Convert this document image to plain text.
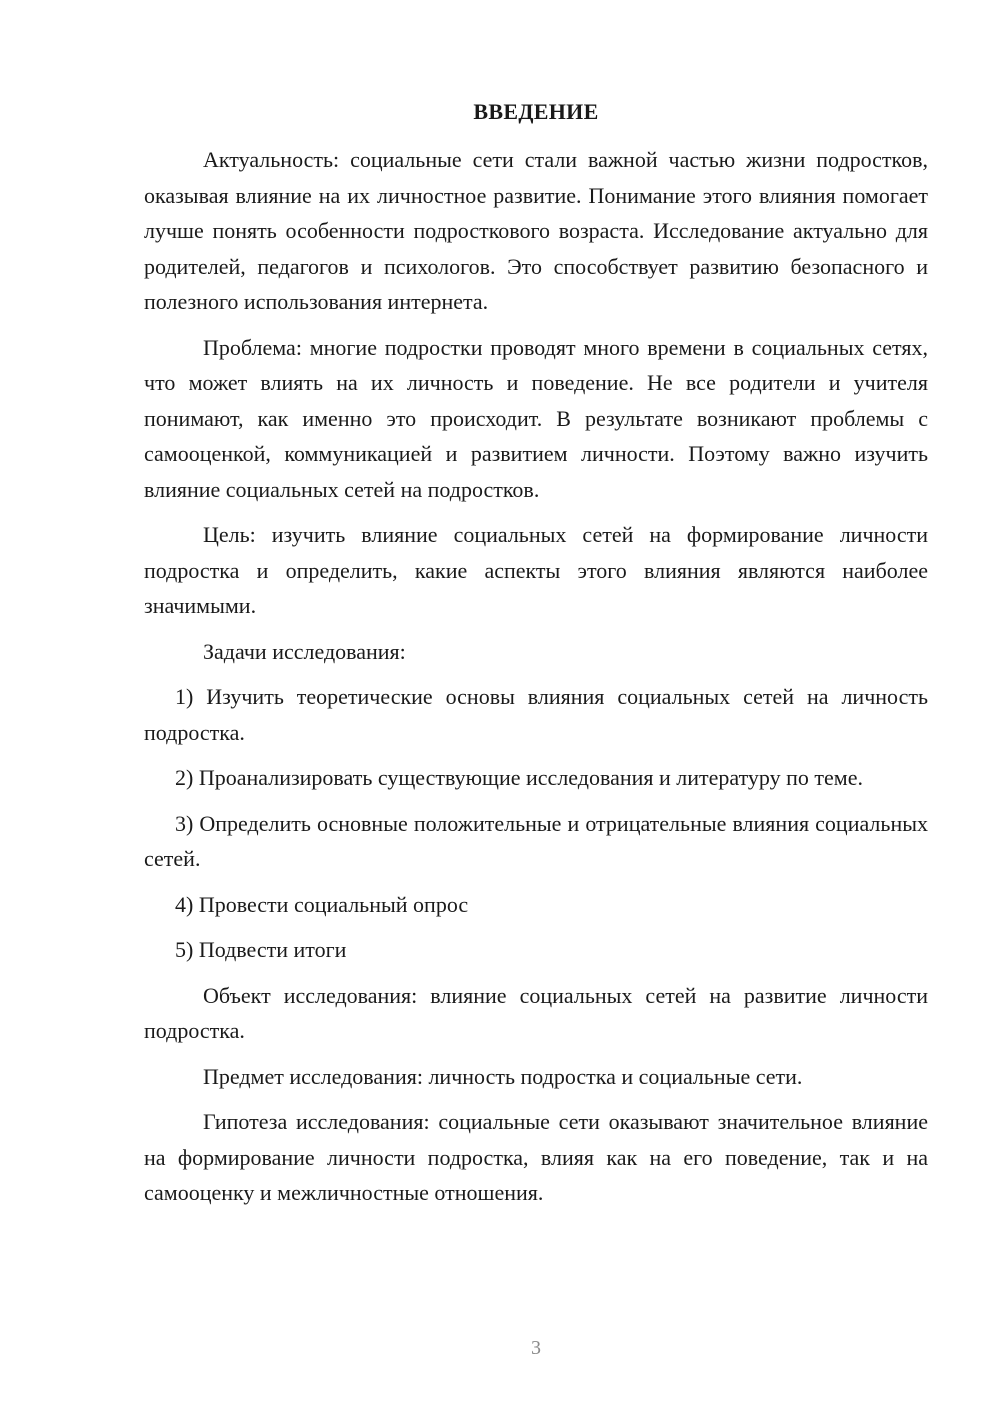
ВВЕДЕНИЕ

Актуальность: социальные сети стали важной частью жизни подростков, оказывая влияние на их личностное развитие. Понимание этого влияния помогает лучше понять особенности подросткового возраста. Исследование актуально для родителей, педагогов и психологов. Это способствует развитию безопасного и полезного использования интернета.

Проблема: многие подростки проводят много времени в социальных сетях, что может влиять на их личность и поведение. Не все родители и учителя понимают, как именно это происходит. В результате возникают проблемы с самооценкой, коммуникацией и развитием личности. Поэтому важно изучить влияние социальных сетей на подростков.

Цель: изучить влияние социальных сетей на формирование личности подростка и определить, какие аспекты этого влияния являются наиболее значимыми.

Задачи исследования:

1) Изучить теоретические основы влияния социальных сетей на личность подростка.

2) Проанализировать существующие исследования и литературу по теме.

3) Определить основные положительные и отрицательные влияния социальных сетей.

4) Провести социальный опрос

5) Подвести итоги

Объект исследования: влияние социальных сетей на развитие личности подростка.

Предмет исследования: личность подростка и социальные сети.

Гипотеза исследования: социальные сети оказывают значительное влияние на формирование личности подростка, влияя как на его поведение, так и на самооценку и межличностные отношения.

3
